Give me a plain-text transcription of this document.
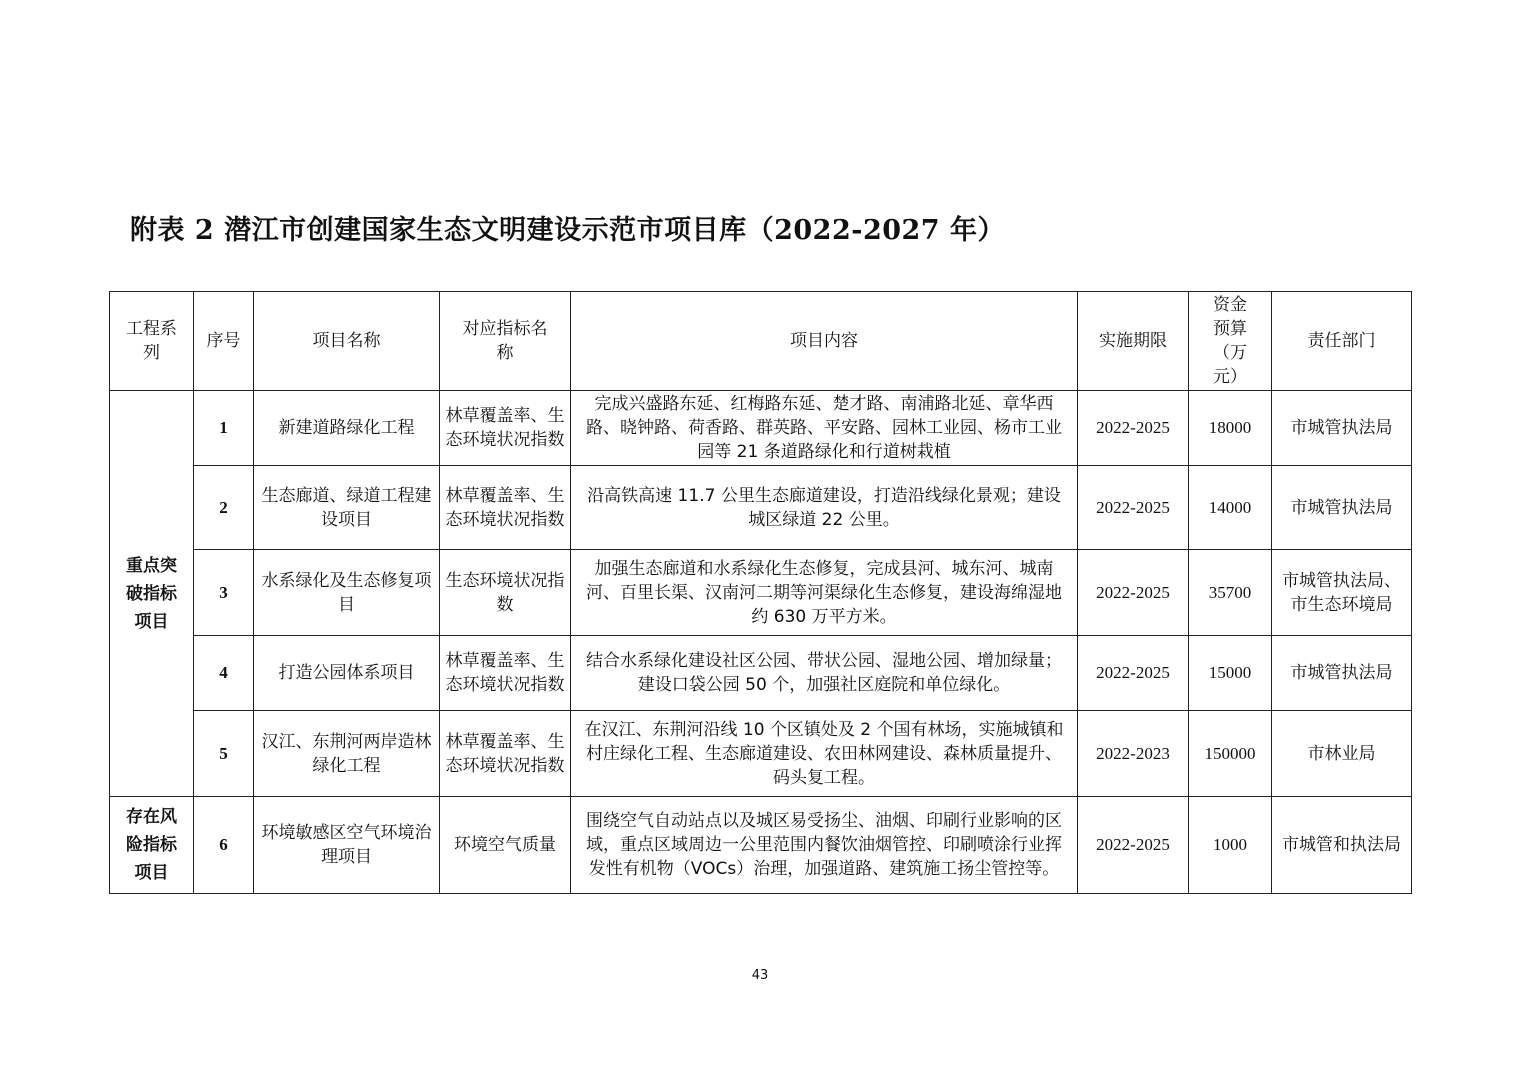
附表 2 潜江市创建国家生态文明建设示范市项目库（2022-2027 年）
工程系列	序号	项目名称	对应指标名称	项目内容	实施期限	资金预算（万元）	责任部门
重点突破指标项目	1	新建道路绿化工程	林草覆盖率、生态环境状况指数	完成兴盛路东延、红梅路东延、楚才路、南浦路北延、章华西路、晓钟路、荷香路、群英路、平安路、园林工业园、杨市工业园等 21 条道路绿化和行道树栽植	2022-2025	18000	市城管执法局
	2	生态廊道、绿道工程建设项目	林草覆盖率、生态环境状况指数	沿高铁高速 11.7 公里生态廊道建设，打造沿线绿化景观；建设城区绿道 22 公里。	2022-2025	14000	市城管执法局
	3	水系绿化及生态修复项目	生态环境状况指数	加强生态廊道和水系绿化生态修复，完成县河、城东河、城南河、百里长渠、汉南河二期等河渠绿化生态修复，建设海绵湿地约 630 万平方米。	2022-2025	35700	市城管执法局、市生态环境局
	4	打造公园体系项目	林草覆盖率、生态环境状况指数	结合水系绿化建设社区公园、带状公园、湿地公园、增加绿量；建设口袋公园 50 个，加强社区庭院和单位绿化。	2022-2025	15000	市城管执法局
	5	汉江、东荆河两岸造林绿化工程	林草覆盖率、生态环境状况指数	在汉江、东荆河沿线 10 个区镇处及 2 个国有林场，实施城镇和村庄绿化工程、生态廊道建设、农田林网建设、森林质量提升、码头复工程。	2022-2023	150000	市林业局
存在风险指标项目	6	环境敏感区空气环境治理项目	环境空气质量	围绕空气自动站点以及城区易受扬尘、油烟、印刷行业影响的区域，重点区域周边一公里范围内餐饮油烟管控、印刷喷涂行业挥发性有机物（VOCs）治理，加强道路、建筑施工扬尘管控等。	2022-2025	1000	市城管和执法局
43
